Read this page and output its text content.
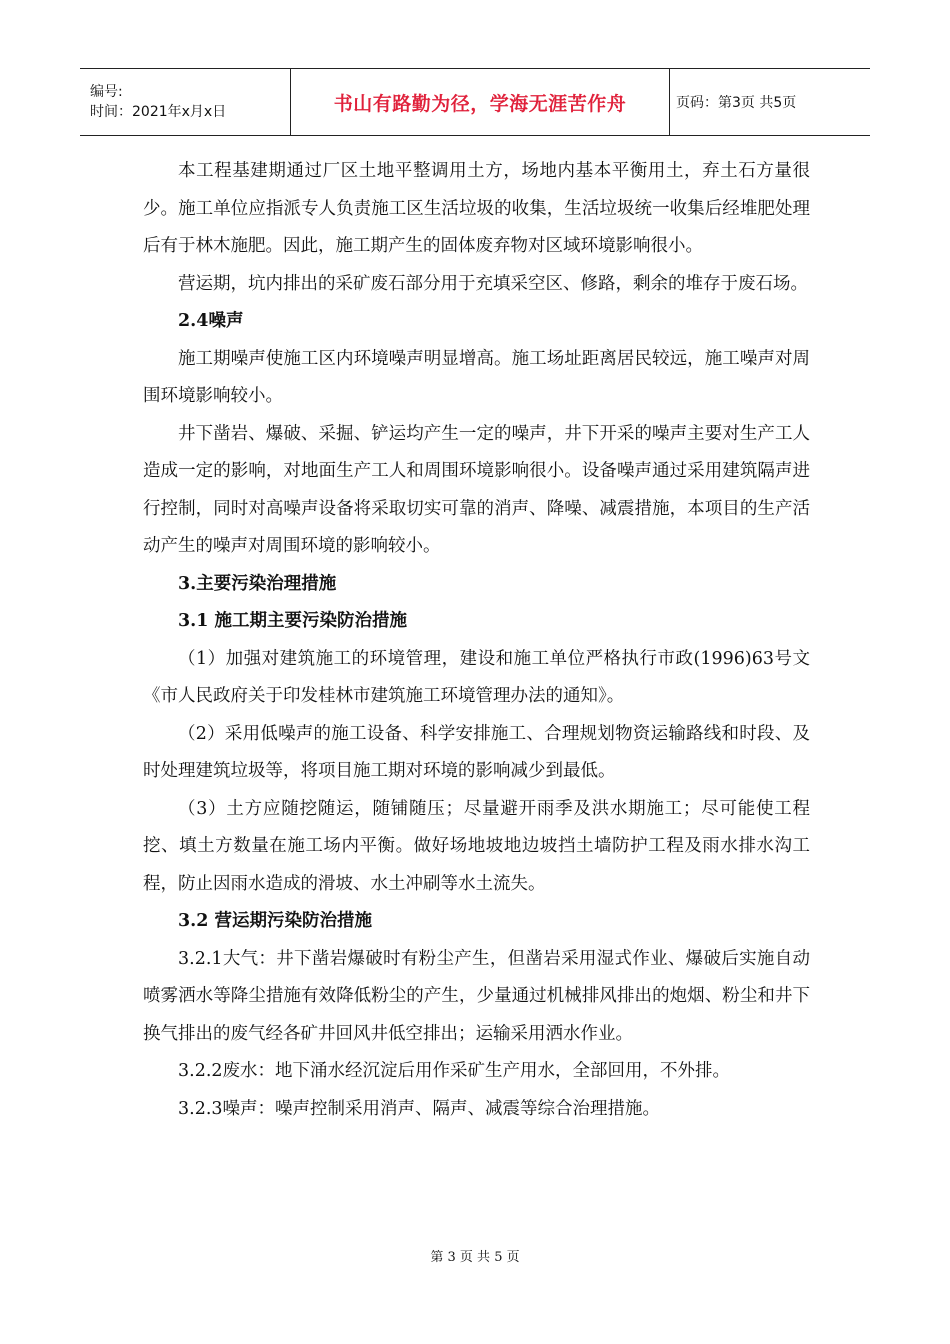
编号:
时间：2021年x月x日	书山有路勤为径，学海无涯苦作舟	页码：第3页 共5页

本工程基建期通过厂区土地平整调用土方，场地内基本平衡用土，弃土石方量很少。施工单位应指派专人负责施工区生活垃圾的收集，生活垃圾统一收集后经堆肥处理后有于林木施肥。因此，施工期产生的固体废弃物对区域环境影响很小。

营运期，坑内排出的采矿废石部分用于充填采空区、修路，剩余的堆存于废石场。

2.4噪声

施工期噪声使施工区内环境噪声明显增高。施工场址距离居民较远，施工噪声对周围环境影响较小。

井下凿岩、爆破、采掘、铲运均产生一定的噪声，井下开采的噪声主要对生产工人造成一定的影响，对地面生产工人和周围环境影响很小。设备噪声通过采用建筑隔声进行控制，同时对高噪声设备将采取切实可靠的消声、降噪、减震措施，本项目的生产活动产生的噪声对周围环境的影响较小。

3.主要污染治理措施

3.1 施工期主要污染防治措施

（1）加强对建筑施工的环境管理，建设和施工单位严格执行市政(1996)63号文《市人民政府关于印发桂林市建筑施工环境管理办法的通知》。

（2）采用低噪声的施工设备、科学安排施工、合理规划物资运输路线和时段、及时处理建筑垃圾等，将项目施工期对环境的影响减少到最低。

（3）土方应随挖随运，随铺随压；尽量避开雨季及洪水期施工；尽可能使工程挖、填土方数量在施工场内平衡。做好场地坡地边坡挡土墙防护工程及雨水排水沟工程，防止因雨水造成的滑坡、水土冲刷等水土流失。

3.2 营运期污染防治措施

3.2.1大气：井下凿岩爆破时有粉尘产生，但凿岩采用湿式作业、爆破后实施自动喷雾洒水等降尘措施有效降低粉尘的产生，少量通过机械排风排出的炮烟、粉尘和井下换气排出的废气经各矿井回风井低空排出；运输采用洒水作业。

3.2.2废水：地下涌水经沉淀后用作采矿生产用水，全部回用，不外排。

3.2.3噪声：噪声控制采用消声、隔声、减震等综合治理措施。

第 3 页 共 5 页
